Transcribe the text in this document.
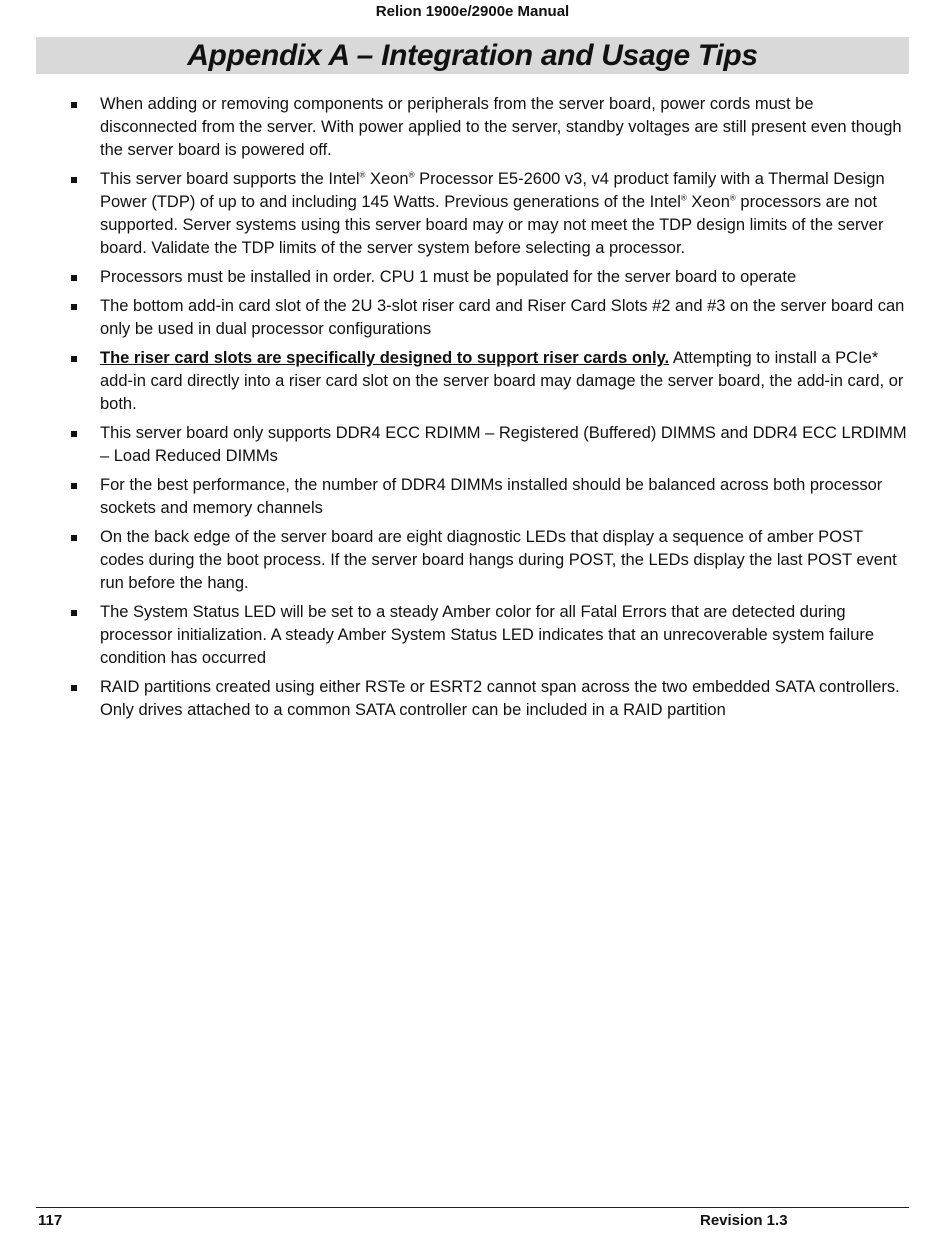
Relion 1900e/2900e Manual
Appendix A – Integration and Usage Tips
When adding or removing components or peripherals from the server board, power cords must be disconnected from the server. With power applied to the server, standby voltages are still present even though the server board is powered off.
This server board supports the Intel® Xeon® Processor E5-2600 v3, v4 product family with a Thermal Design Power (TDP) of up to and including 145 Watts. Previous generations of the Intel® Xeon® processors are not supported. Server systems using this server board may or may not meet the TDP design limits of the server board. Validate the TDP limits of the server system before selecting a processor.
Processors must be installed in order. CPU 1 must be populated for the server board to operate
The bottom add-in card slot of the 2U 3-slot riser card and Riser Card Slots #2 and #3 on the server board can only be used in dual processor configurations
The riser card slots are specifically designed to support riser cards only. Attempting to install a PCIe* add-in card directly into a riser card slot on the server board may damage the server board, the add-in card, or both.
This server board only supports DDR4 ECC RDIMM – Registered (Buffered) DIMMS and DDR4 ECC LRDIMM – Load Reduced DIMMs
For the best performance, the number of DDR4 DIMMs installed should be balanced across both processor sockets and memory channels
On the back edge of the server board are eight diagnostic LEDs that display a sequence of amber POST codes during the boot process. If the server board hangs during POST, the LEDs display the last POST event run before the hang.
The System Status LED will be set to a steady Amber color for all Fatal Errors that are detected during processor initialization. A steady Amber System Status LED indicates that an unrecoverable system failure condition has occurred
RAID partitions created using either RSTe or ESRT2 cannot span across the two embedded SATA controllers. Only drives attached to a common SATA controller can be included in a RAID partition
117	Revision 1.3
